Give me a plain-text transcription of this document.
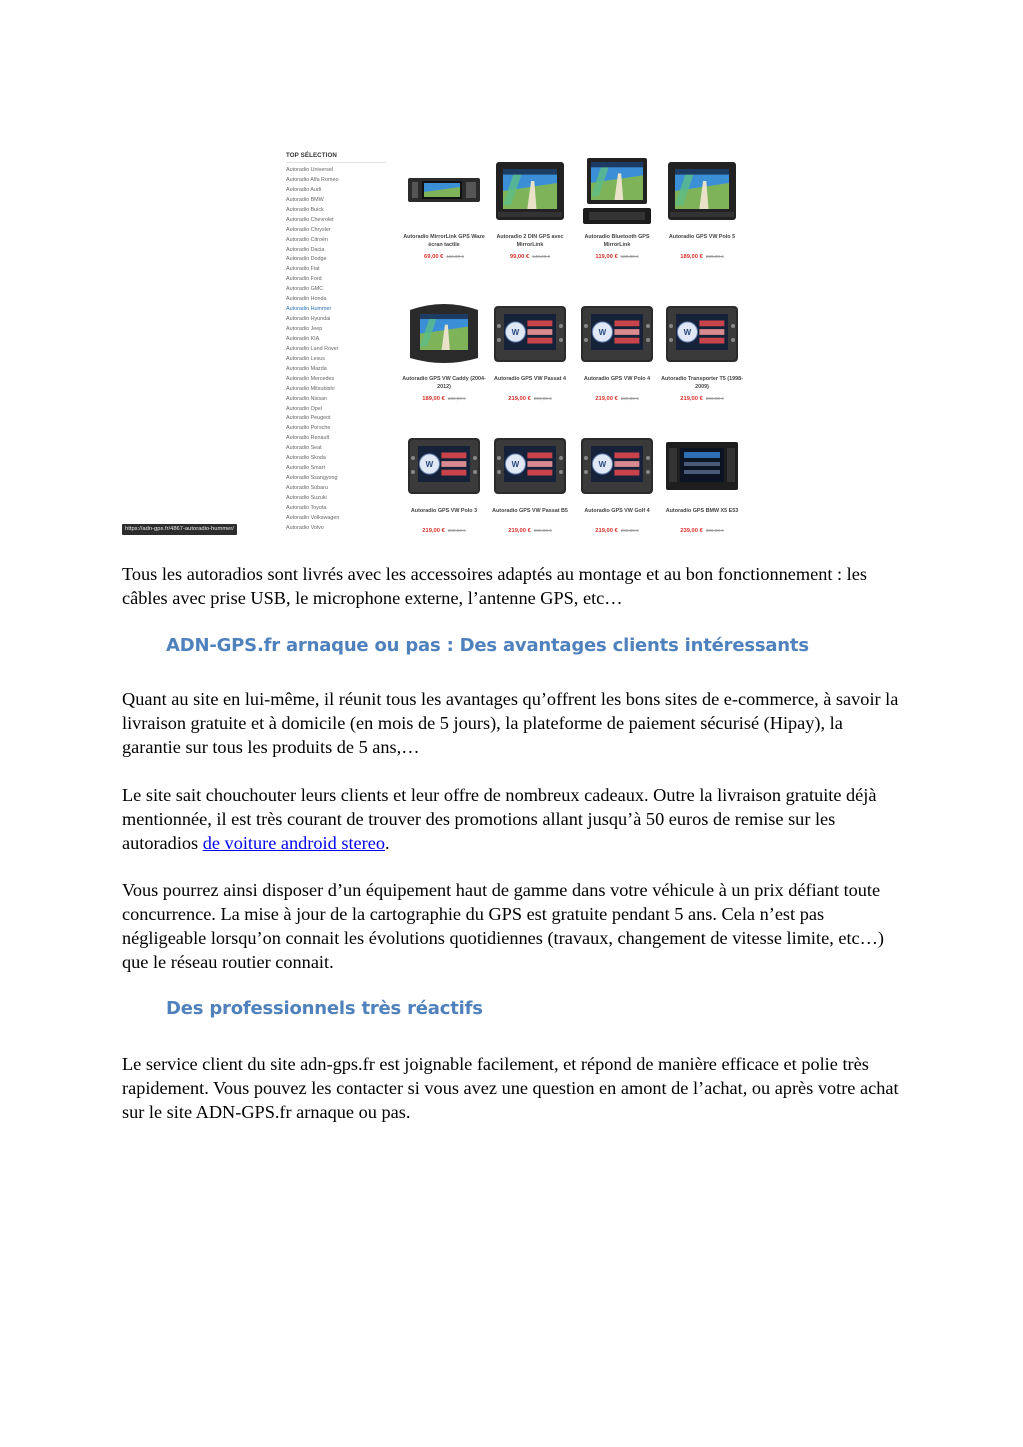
TOP SÉLECTION
Autoradio Universel
Autoradio Alfa Romeo
Autoradio Audi
Autoradio BMW
Autoradio Buick
Autoradio Chevrolet
Autoradio Chrysler
Autoradio Citroën
Autoradio Dacia
Autoradio Dodge
Autoradio Fiat
Autoradio Ford
Autoradio GMC
Autoradio Honda
Autoradio Hummer
Autoradio Hyundai
Autoradio Jeep
Autoradio KIA
Autoradio Land Rover
Autoradio Lexus
Autoradio Mazda
Autoradio Mercedes
Autoradio Mitsubishi
Autoradio Nissan
Autoradio Opel
Autoradio Peugeot
Autoradio Porsche
Autoradio Renault
Autoradio Seat
Autoradio Skoda
Autoradio Smart
Autoradio Ssangyong
Autoradio Subaru
Autoradio Suzuki
Autoradio Toyota
Autoradio Volkswagen
Autoradio Volvo
Autoradio MirrorLink GPS Waze écran tactile
69,00 € 119,00 €
Autoradio 2 DIN GPS avec MirrorLink
99,00 € 149,00 €
Autoradio Bluetooth GPS MirrorLink
119,00 € 189,00 €
Autoradio GPS VW Polo 5
189,00 € 239,00 €
Autoradio GPS VW Caddy (2004-2012)
189,00 € 239,00 €
W
Autoradio GPS VW Passat 4
219,00 € 289,00 €
W
Autoradio GPS VW Polo 4
219,00 € 289,00 €
W
Autoradio Transporter T5 (1998-2009)
219,00 € 289,00 €
W
Autoradio GPS VW Polo 3
219,00 € 289,00 €
W
Autoradio GPS VW Passat B5
219,00 € 289,00 €
W
Autoradio GPS VW Golf 4
219,00 € 289,00 €
Autoradio GPS BMW X5 E53
239,00 € 289,00 €
https://adn-gps.fr/4867-autoradio-hummer/

Tous les autoradios sont livrés avec les accessoires adaptés au montage et au bon fonctionnement : les câbles avec prise USB, le microphone externe, l’antenne GPS, etc…

ADN-GPS.fr arnaque ou pas : Des avantages clients intéressants

Quant au site en lui-même, il réunit tous les avantages qu’offrent les bons sites de e-commerce, à savoir la livraison gratuite et à domicile (en mois de 5 jours), la plateforme de paiement sécurisé (Hipay), la garantie sur tous les produits de 5 ans,…

Le site sait chouchouter leurs clients et leur offre de nombreux cadeaux. Outre la livraison gratuite déjà mentionnée, il est très courant de trouver des promotions allant jusqu’à 50 euros de remise sur les autoradios de voiture android stereo.

Vous pourrez ainsi disposer d’un équipement haut de gamme dans votre véhicule à un prix défiant toute concurrence. La mise à jour de la cartographie du GPS est gratuite pendant 5 ans. Cela n’est pas négligeable lorsqu’on connait les évolutions quotidiennes (travaux, changement de vitesse limite, etc…) que le réseau routier connait.

Des professionnels très réactifs

Le service client du site adn-gps.fr est joignable facilement, et répond de manière efficace et polie très rapidement. Vous pouvez les contacter si vous avez une question en amont de l’achat, ou après votre achat sur le site ADN-GPS.fr arnaque ou pas.
